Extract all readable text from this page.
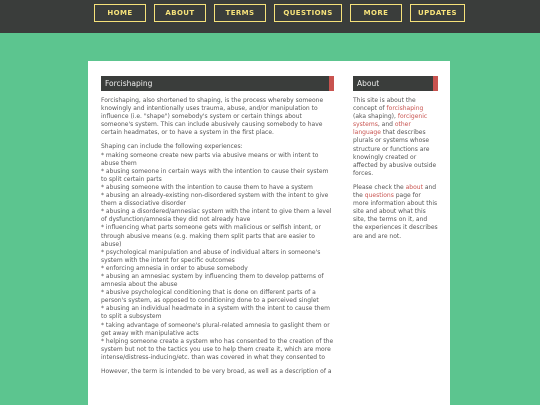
HOME	ABOUT	TERMS	QUESTIONS	MORE	UPDATES
Forcishaping

Forcishaping, also shortened to shaping, is the process whereby someone knowingly and intentionally uses trauma, abuse, and/or manipulation to influence (i.e. "shape") somebody's system or certain things about someone's system. This can include abusively causing somebody to have certain headmates, or to have a system in the first place.

Shaping can include the following experiences:
* making someone create new parts via abusive means or with intent to abuse them
* abusing someone in certain ways with the intention to cause their system to split certain parts
* abusing someone with the intention to cause them to have a system
* abusing an already-existing non-disordered system with the intent to give them a dissociative disorder
* abusing a disordered/amnesiac system with the intent to give them a level of dysfunction/amnesia they did not already have
* influencing what parts someone gets with malicious or selfish intent, or through abusive means (e.g. making them split parts that are easier to abuse)
* psychological manipulation and abuse of individual alters in someone's system with the intent for specific outcomes
* enforcing amnesia in order to abuse somebody
* abusing an amnesiac system by influencing them to develop patterns of amnesia about the abuse
* abusive psychological conditioning that is done on different parts of a person's system, as opposed to conditioning done to a perceived singlet
* abusing an individual headmate in a system with the intent to cause them to split a subsystem
* taking advantage of someone's plural-related amnesia to gaslight them or get away with manipulative acts
* helping someone create a system who has consented to the creation of the system but not to the tactics you use to help them create it, which are more intense/distress-inducing/etc. than was covered in what they consented to

However, the term is intended to be very broad, as well as a description of a

About

This site is about the concept of forcishaping (aka shaping), forcigenic systems, and other language that describes plurals or systems whose structure or functions are knowingly created or affected by abusive outside forces.

Please check the about and the questions page for more information about this site and about what this site, the terms on it, and the experiences it describes are and are not.
